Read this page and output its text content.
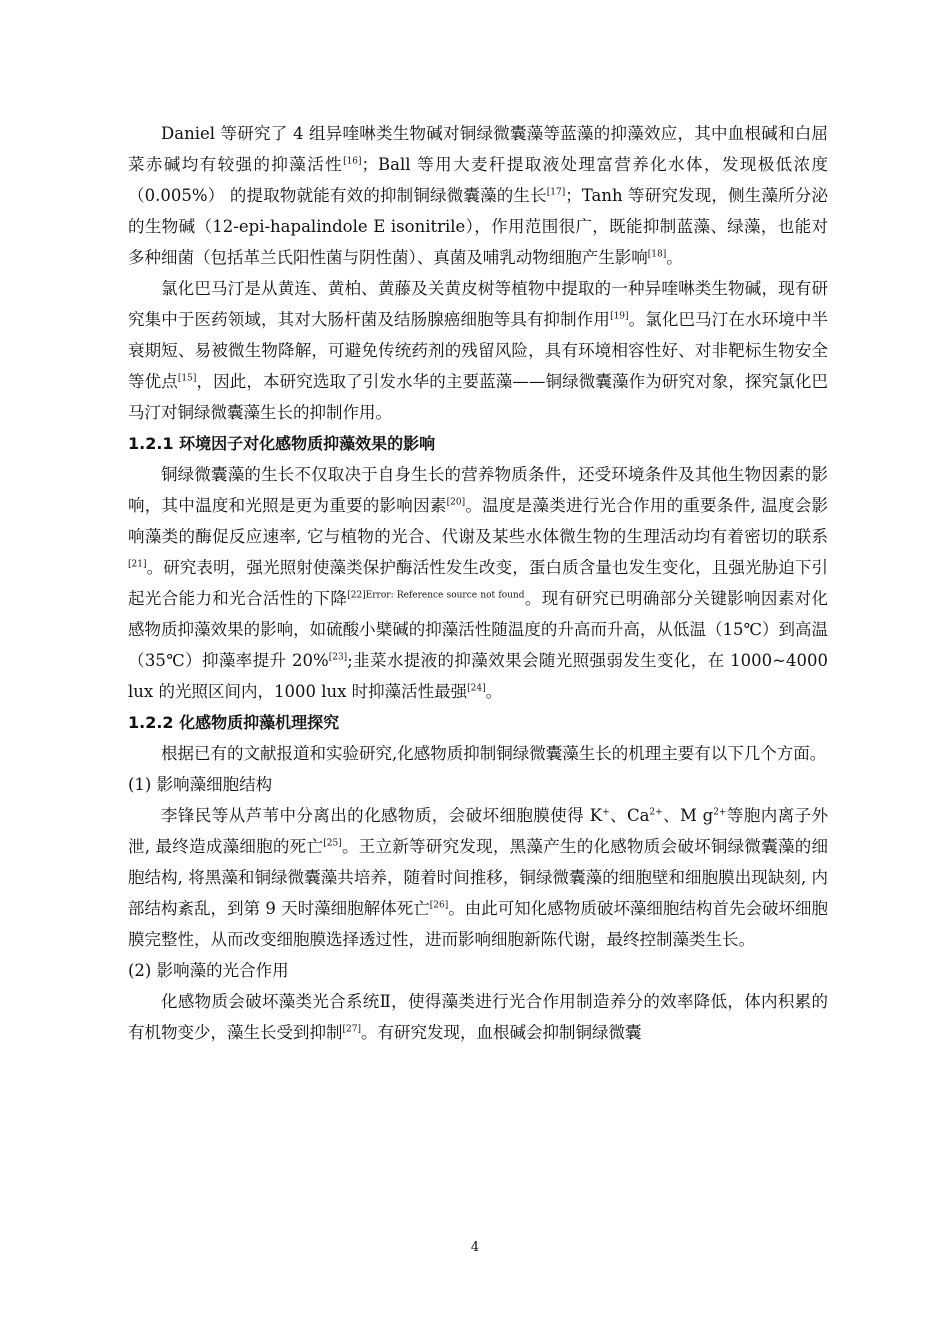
Daniel 等研究了 4 组异喹啉类生物碱对铜绿微囊藻等蓝藻的抑藻效应，其中血根碱和白屈菜赤碱均有较强的抑藻活性[16]；Ball 等用大麦秆提取液处理富营养化水体，发现极低浓度（0.005%） 的提取物就能有效的抑制铜绿微囊藻的生长[17]；Tanh 等研究发现，侧生藻所分泌的生物碱（12-epi-hapalindole E isonitrile），作用范围很广，既能抑制蓝藻、绿藻，也能对多种细菌（包括革兰氏阳性菌与阴性菌）、真菌及哺乳动物细胞产生影响[18]。

氯化巴马汀是从黄连、黄柏、黄藤及关黄皮树等植物中提取的一种异喹啉类生物碱，现有研究集中于医药领域，其对大肠杆菌及结肠腺癌细胞等具有抑制作用[19]。氯化巴马汀在水环境中半衰期短、易被微生物降解，可避免传统药剂的残留风险，具有环境相容性好、对非靶标生物安全等优点[15]，因此，本研究选取了引发水华的主要蓝藻——铜绿微囊藻作为研究对象，探究氯化巴马汀对铜绿微囊藻生长的抑制作用。

1.2.1 环境因子对化感物质抑藻效果的影响

铜绿微囊藻的生长不仅取决于自身生长的营养物质条件，还受环境条件及其他生物因素的影响，其中温度和光照是更为重要的影响因素[20]。温度是藻类进行光合作用的重要条件, 温度会影响藻类的酶促反应速率, 它与植物的光合、代谢及某些水体微生物的生理活动均有着密切的联系[21]。研究表明，强光照射使藻类保护酶活性发生改变，蛋白质含量也发生变化，且强光胁迫下引起光合能力和光合活性的下降$^{[22]Error: Reference source not found}$。现有研究已明确部分关键影响因素对化感物质抑藻效果的影响，如硫酸小檗碱的抑藻活性随温度的升高而升高，从低温（15℃）到高温（35℃）抑藻率提升 20%[23];韭菜水提液的抑藻效果会随光照强弱发生变化，在 1000~4000 lux 的光照区间内，1000 lux 时抑藻活性最强[24]。

1.2.2 化感物质抑藻机理探究

根据已有的文献报道和实验研究,化感物质抑制铜绿微囊藻生长的机理主要有以下几个方面。

(1) 影响藻细胞结构

李锋民等从芦苇中分离出的化感物质，会破坏细胞膜使得 K+、$Ca^{2+}$、M $g^{2+}$等胞内离子外泄, 最终造成藻细胞的死亡[25]。王立新等研究发现，黑藻产生的化感物质会破坏铜绿微囊藻的细胞结构, 将黑藻和铜绿微囊藻共培养，随着时间推移，铜绿微囊藻的细胞壁和细胞膜出现缺刻, 内部结构紊乱，到第 9 天时藻细胞解体死亡[26]。由此可知化感物质破坏藻细胞结构首先会破坏细胞膜完整性，从而改变细胞膜选择透过性，进而影响细胞新陈代谢，最终控制藻类生长。

(2) 影响藻的光合作用

化感物质会破坏藻类光合系统Ⅱ，使得藻类进行光合作用制造养分的效率降低，体内积累的有机物变少，藻生长受到抑制[27]。有研究发现，血根碱会抑制铜绿微囊

4
